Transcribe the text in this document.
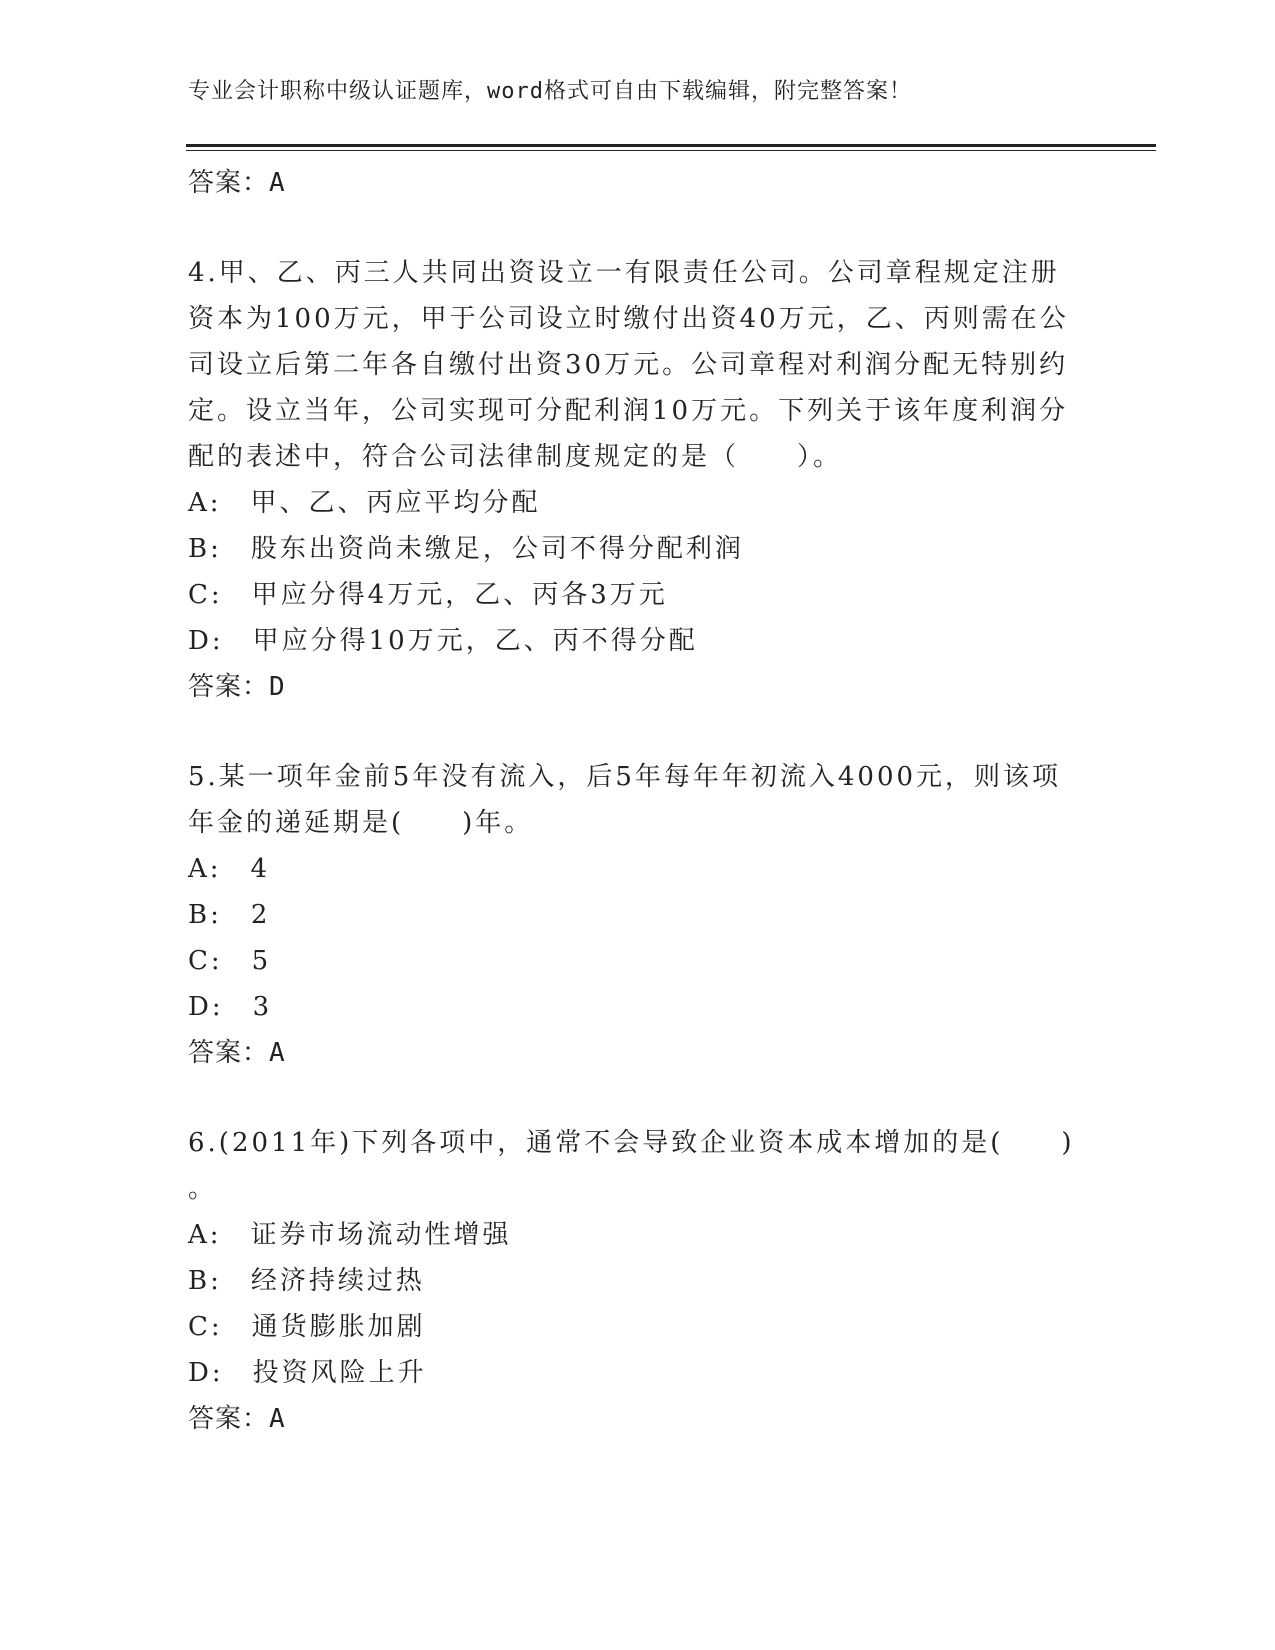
专业会计职称中级认证题库，word格式可自由下载编辑，附完整答案！
答案：A
4.甲、乙、丙三人共同出资设立一有限责任公司。公司章程规定注册
资本为100万元，甲于公司设立时缴付出资40万元，乙、丙则需在公
司设立后第二年各自缴付出资30万元。公司章程对利润分配无特别约
定。设立当年，公司实现可分配利润10万元。下列关于该年度利润分
配的表述中，符合公司法律制度规定的是（　　）。
A:　甲、乙、丙应平均分配
B:　股东出资尚未缴足，公司不得分配利润
C:　甲应分得4万元，乙、丙各3万元
D:　甲应分得10万元，乙、丙不得分配
答案：D
5.某一项年金前5年没有流入，后5年每年年初流入4000元，则该项
年金的递延期是(　　)年。
A:　4
B:　2
C:　5
D:　3
答案：A
6.(2011年)下列各项中，通常不会导致企业资本成本增加的是(　　)
。
A:　证券市场流动性增强
B:　经济持续过热
C:　通货膨胀加剧
D:　投资风险上升
答案：A
